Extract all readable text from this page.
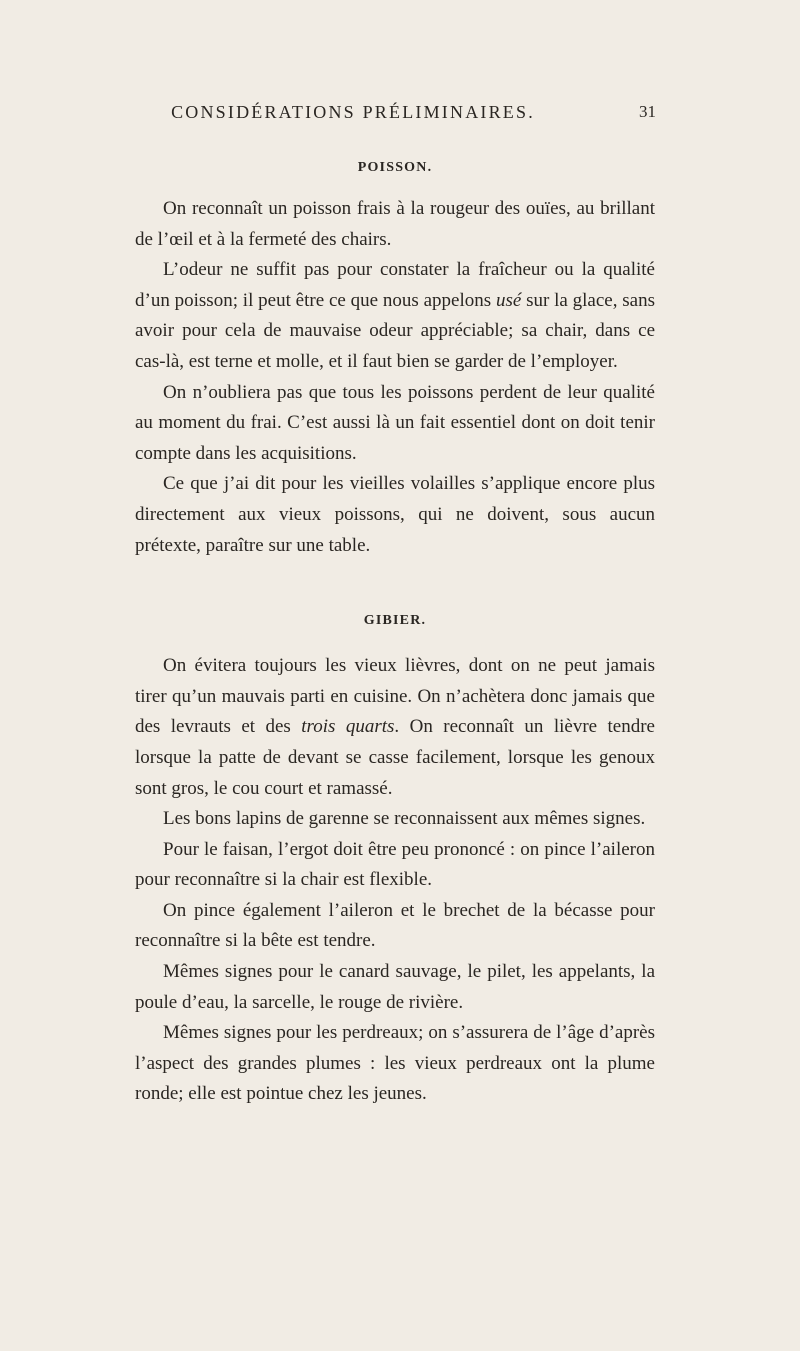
CONSIDÉRATIONS PRÉLIMINAIRES.	31
POISSON.

On reconnaît un poisson frais à la rougeur des ouïes, au brillant de l’œil et à la fermeté des chairs.

L’odeur ne suffit pas pour constater la fraîcheur ou la qualité d’un poisson; il peut être ce que nous appelons usé sur la glace, sans avoir pour cela de mauvaise odeur appréciable; sa chair, dans ce cas-là, est terne et molle, et il faut bien se garder de l’employer.

On n’oubliera pas que tous les poissons perdent de leur qualité au moment du frai. C’est aussi là un fait essentiel dont on doit tenir compte dans les acquisitions.

Ce que j’ai dit pour les vieilles volailles s’applique encore plus directement aux vieux poissons, qui ne doivent, sous aucun prétexte, paraître sur une table.

GIBIER.

On évitera toujours les vieux lièvres, dont on ne peut jamais tirer qu’un mauvais parti en cuisine. On n’achètera donc jamais que des levrauts et des trois quarts. On reconnaît un lièvre tendre lorsque la patte de devant se casse facilement, lorsque les genoux sont gros, le cou court et ramassé.

Les bons lapins de garenne se reconnaissent aux mêmes signes.

Pour le faisan, l’ergot doit être peu prononcé : on pince l’aileron pour reconnaître si la chair est flexible.

On pince également l’aileron et le brechet de la bécasse pour reconnaître si la bête est tendre.

Mêmes signes pour le canard sauvage, le pilet, les appelants, la poule d’eau, la sarcelle, le rouge de rivière.

Mêmes signes pour les perdreaux; on s’assurera de l’âge d’après l’aspect des grandes plumes : les vieux perdreaux ont la plume ronde; elle est pointue chez les jeunes.
